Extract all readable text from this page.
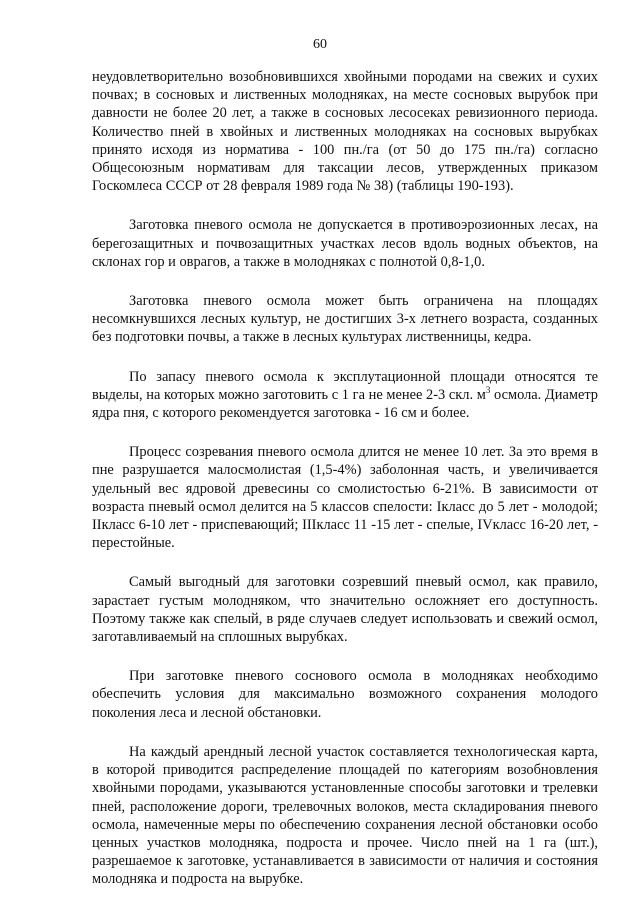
60

неудовлетворительно возобновившихся хвойными породами на свежих и сухих почвах; в сосновых и лиственных молодняках, на месте сосновых вырубок при давности не более 20 лет, а также в сосновых лесосеках ревизионного периода. Количество пней в хвойных и лиственных молодняках на сосновых вырубках принято исходя из норматива - 100 пн./га (от 50 до 175 пн./га) согласно Общесоюзным нормативам для таксации лесов, утвержденных приказом Госкомлеса СССР от 28 февраля 1989 года № 38) (таблицы 190-193).

Заготовка пневого осмола не допускается в противоэрозионных лесах, на берегозащитных и почвозащитных участках лесов вдоль водных объектов, на склонах гор и оврагов, а также в молодняках с полнотой 0,8-1,0.

Заготовка пневого осмола может быть ограничена на площадях несомкнувшихся лесных культур, не достигших 3-х летнего возраста, созданных без подготовки почвы, а также в лесных культурах лиственницы, кедра.

По запасу пневого осмола к эксплутационной площади относятся те выделы, на которых можно заготовить с 1 га не менее 2-3 скл. $м^3$ осмола. Диаметр ядра пня, с которого рекомендуется заготовка - 16 см и более.

Процесс созревания пневого осмола длится не менее 10 лет. За это время в пне разрушается малосмолистая (1,5-4%) заболонная часть, и увеличивается удельный вес ядровой древесины со смолистостью 6-21%. В зависимости от возраста пневый осмол делится на 5 классов спелости: Iкласс до 5 лет - молодой; IIкласс 6-10 лет - приспевающий; IIIкласс 11 -15 лет - спелые, IVкласс 16-20 лет, - перестойные.

Самый выгодный для заготовки созревший пневый осмол, как правило, зарастает густым молодняком, что значительно осложняет его доступность. Поэтому также как спелый, в ряде случаев следует использовать и свежий осмол, заготавливаемый на сплошных вырубках.

При заготовке пневого соснового осмола в молодняках необходимо обеспечить условия для максимально возможного сохранения молодого поколения леса и лесной обстановки.

На каждый арендный лесной участок составляется технологическая карта, в которой приводится распределение площадей по категориям возобновления хвойными породами, указываются установленные способы заготовки и трелевки пней, расположение дороги, трелевочных волоков, места складирования пневого осмола, намеченные меры по обеспечению сохранения лесной обстановки особо ценных участков молодняка, подроста и прочее. Число пней на 1 га (шт.), разрешаемое к заготовке, устанавливается в зависимости от наличия и состояния молодняка и подроста на вырубке.
